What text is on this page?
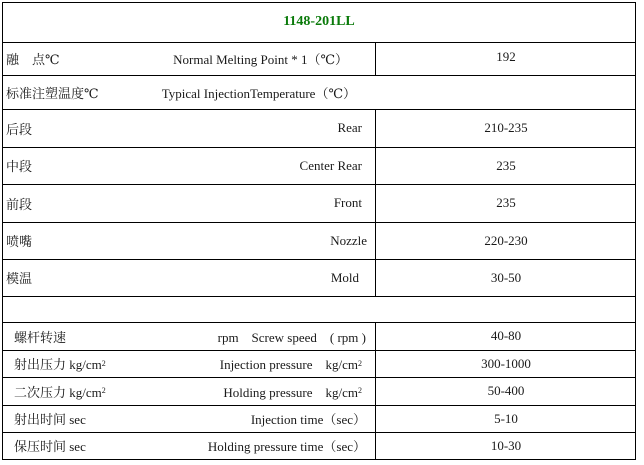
1148-201LL
融　点℃	Normal Melting Point * 1（℃）	192
标准注塑温度℃	Typical InjectionTemperature（℃）
后段	Rear	210-235
中段	Center Rear	235
前段	Front	235
喷嘴	Nozzle	220-230
模温	Mold	30-50
螺杆转速	rpm　Screw speed　( rpm )	40-80
射出压力 kg/cm 2	Injection pressure　kg/cm 2	300-1000
二次压力 kg/cm 2	Holding pressure　kg/cm 2	50-400
射出时间 sec	Injection time（sec）	5-10
保压时间 sec	Holding pressure time（sec）	10-30
